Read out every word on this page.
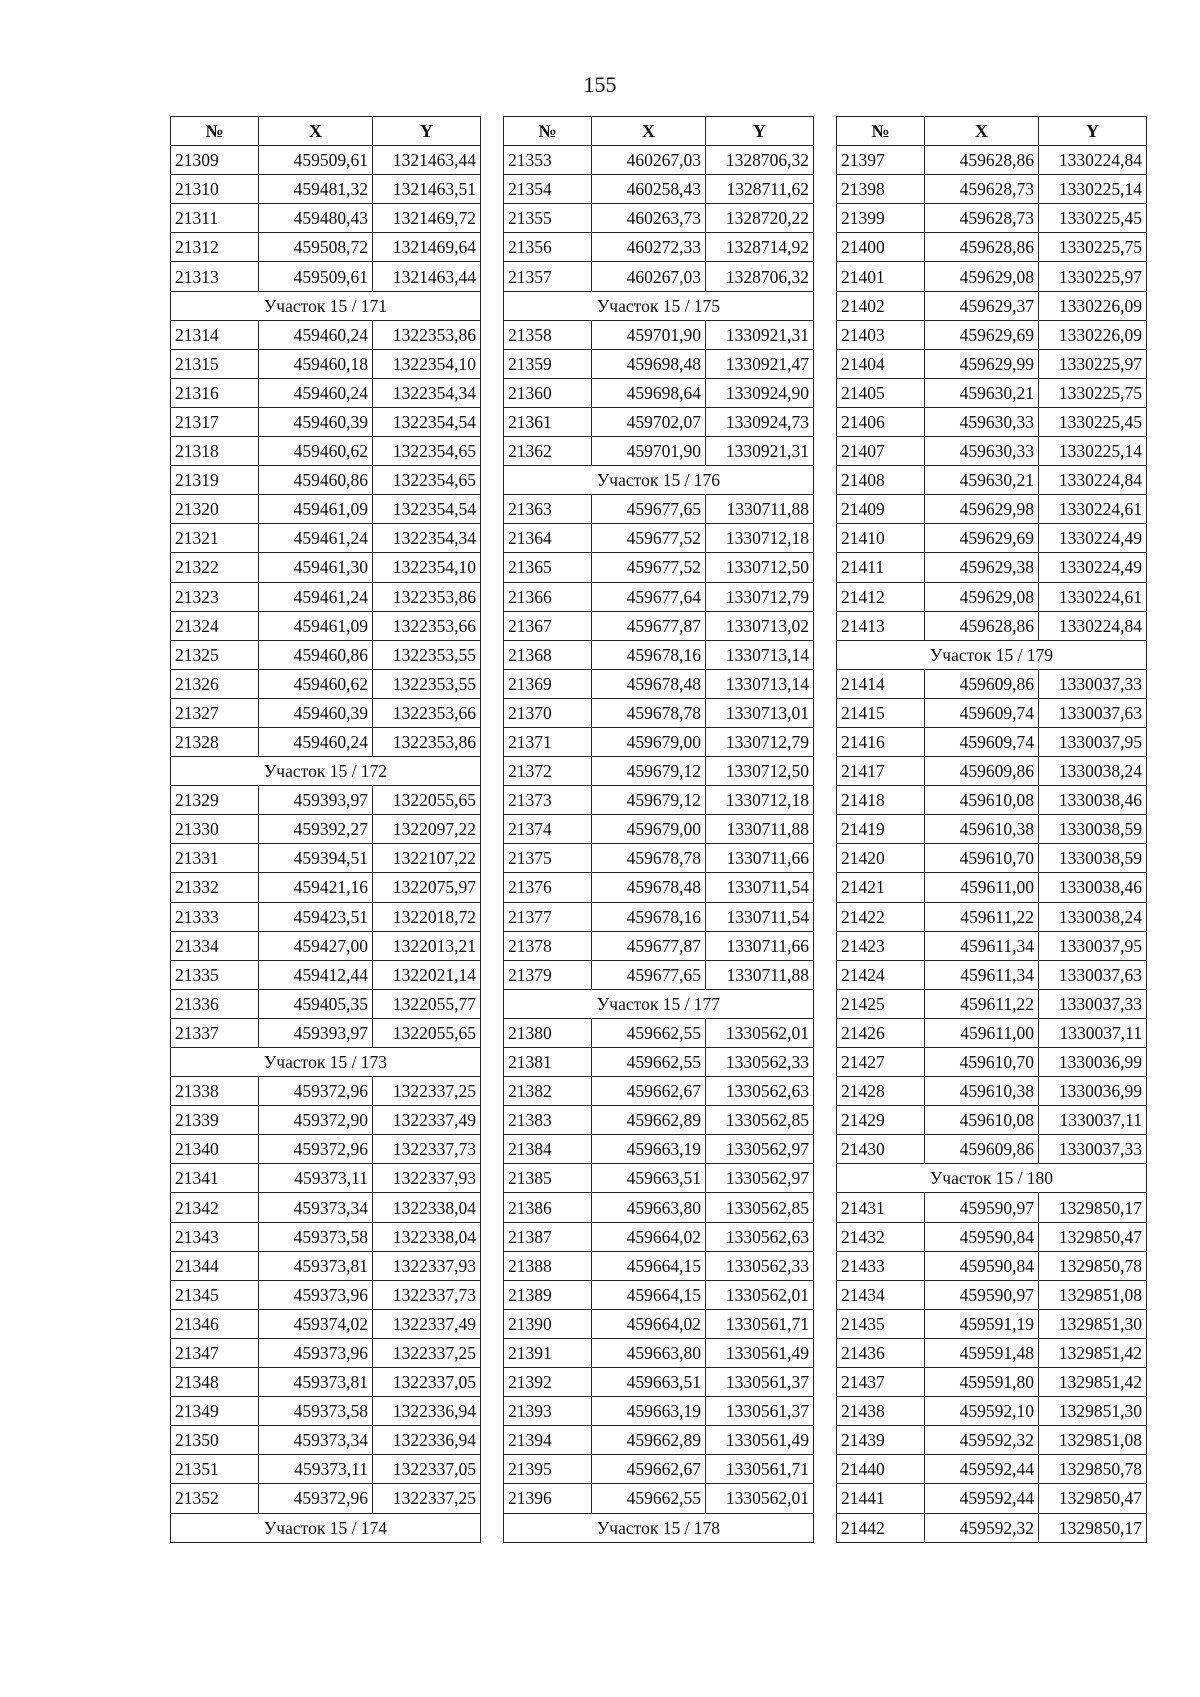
155
№	X	Y
21309	459509,61	1321463,44
21310	459481,32	1321463,51
21311	459480,43	1321469,72
21312	459508,72	1321469,64
21313	459509,61	1321463,44
Участок 15 / 171		
21314	459460,24	1322353,86
21315	459460,18	1322354,10
21316	459460,24	1322354,34
21317	459460,39	1322354,54
21318	459460,62	1322354,65
21319	459460,86	1322354,65
21320	459461,09	1322354,54
21321	459461,24	1322354,34
21322	459461,30	1322354,10
21323	459461,24	1322353,86
21324	459461,09	1322353,66
21325	459460,86	1322353,55
21326	459460,62	1322353,55
21327	459460,39	1322353,66
21328	459460,24	1322353,86
Участок 15 / 172		
21329	459393,97	1322055,65
21330	459392,27	1322097,22
21331	459394,51	1322107,22
21332	459421,16	1322075,97
21333	459423,51	1322018,72
21334	459427,00	1322013,21
21335	459412,44	1322021,14
21336	459405,35	1322055,77
21337	459393,97	1322055,65
Участок 15 / 173		
21338	459372,96	1322337,25
21339	459372,90	1322337,49
21340	459372,96	1322337,73
21341	459373,11	1322337,93
21342	459373,34	1322338,04
21343	459373,58	1322338,04
21344	459373,81	1322337,93
21345	459373,96	1322337,73
21346	459374,02	1322337,49
21347	459373,96	1322337,25
21348	459373,81	1322337,05
21349	459373,58	1322336,94
21350	459373,34	1322336,94
21351	459373,11	1322337,05
21352	459372,96	1322337,25
Участок 15 / 174		
№	X	Y
21353	460267,03	1328706,32
21354	460258,43	1328711,62
21355	460263,73	1328720,22
21356	460272,33	1328714,92
21357	460267,03	1328706,32
Участок 15 / 175		
21358	459701,90	1330921,31
21359	459698,48	1330921,47
21360	459698,64	1330924,90
21361	459702,07	1330924,73
21362	459701,90	1330921,31
Участок 15 / 176		
21363	459677,65	1330711,88
21364	459677,52	1330712,18
21365	459677,52	1330712,50
21366	459677,64	1330712,79
21367	459677,87	1330713,02
21368	459678,16	1330713,14
21369	459678,48	1330713,14
21370	459678,78	1330713,01
21371	459679,00	1330712,79
21372	459679,12	1330712,50
21373	459679,12	1330712,18
21374	459679,00	1330711,88
21375	459678,78	1330711,66
21376	459678,48	1330711,54
21377	459678,16	1330711,54
21378	459677,87	1330711,66
21379	459677,65	1330711,88
Участок 15 / 177		
21380	459662,55	1330562,01
21381	459662,55	1330562,33
21382	459662,67	1330562,63
21383	459662,89	1330562,85
21384	459663,19	1330562,97
21385	459663,51	1330562,97
21386	459663,80	1330562,85
21387	459664,02	1330562,63
21388	459664,15	1330562,33
21389	459664,15	1330562,01
21390	459664,02	1330561,71
21391	459663,80	1330561,49
21392	459663,51	1330561,37
21393	459663,19	1330561,37
21394	459662,89	1330561,49
21395	459662,67	1330561,71
21396	459662,55	1330562,01
Участок 15 / 178		
№	X	Y
21397	459628,86	1330224,84
21398	459628,73	1330225,14
21399	459628,73	1330225,45
21400	459628,86	1330225,75
21401	459629,08	1330225,97
21402	459629,37	1330226,09
21403	459629,69	1330226,09
21404	459629,99	1330225,97
21405	459630,21	1330225,75
21406	459630,33	1330225,45
21407	459630,33	1330225,14
21408	459630,21	1330224,84
21409	459629,98	1330224,61
21410	459629,69	1330224,49
21411	459629,38	1330224,49
21412	459629,08	1330224,61
21413	459628,86	1330224,84
Участок 15 / 179		
21414	459609,86	1330037,33
21415	459609,74	1330037,63
21416	459609,74	1330037,95
21417	459609,86	1330038,24
21418	459610,08	1330038,46
21419	459610,38	1330038,59
21420	459610,70	1330038,59
21421	459611,00	1330038,46
21422	459611,22	1330038,24
21423	459611,34	1330037,95
21424	459611,34	1330037,63
21425	459611,22	1330037,33
21426	459611,00	1330037,11
21427	459610,70	1330036,99
21428	459610,38	1330036,99
21429	459610,08	1330037,11
21430	459609,86	1330037,33
Участок 15 / 180		
21431	459590,97	1329850,17
21432	459590,84	1329850,47
21433	459590,84	1329850,78
21434	459590,97	1329851,08
21435	459591,19	1329851,30
21436	459591,48	1329851,42
21437	459591,80	1329851,42
21438	459592,10	1329851,30
21439	459592,32	1329851,08
21440	459592,44	1329850,78
21441	459592,44	1329850,47
21442	459592,32	1329850,17
